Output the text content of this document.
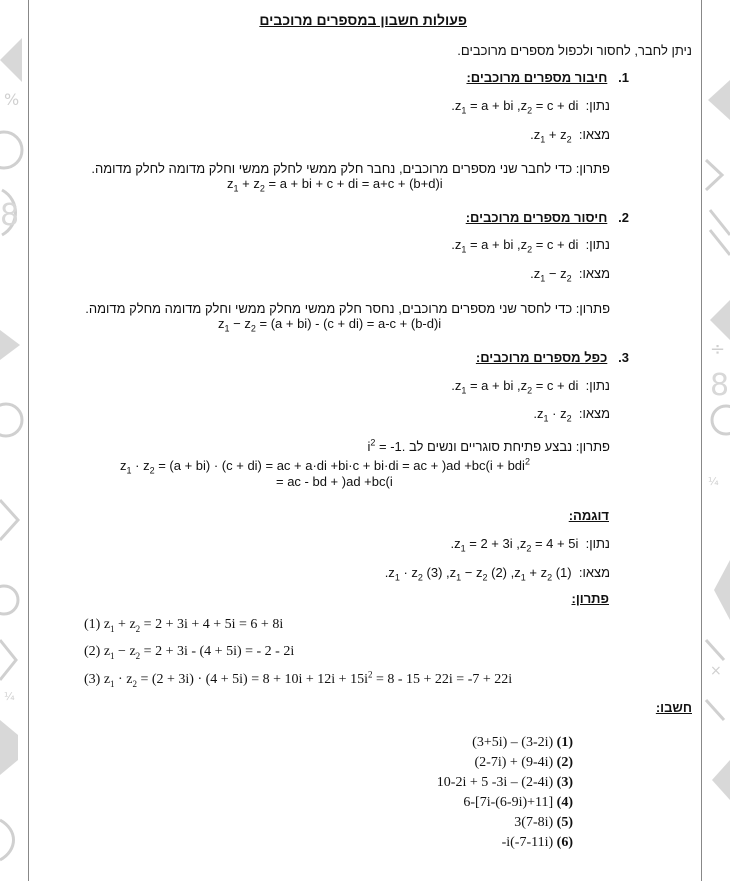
%
8
¼
÷
8
¼
×
פעולות חשבון במספרים מרוכבים
ניתן לחבר, לחסור ולכפול מספרים מרוכבים.
1.   חיבור מספרים מרוכבים:
נתון:  $.z_1 = a$ + bi $,z_2 = c$ + di
מצאו:  $.z_1 + z_2$
פתרון: כדי לחבר שני מספרים מרוכבים, נחבר חלק ממשי לחלק ממשי וחלק מדומה לחלק מדומה.
$z_1 + z_2 = a$ + bi + c + di = a+c + (b+d)i
2.   חיסור מספרים מרוכבים:
נתון:  $.z_1 = a$ + bi $,z_2 = c$ + di
מצאו:  $.z_1 - z_2$
פתרון: כדי לחסר שני מספרים מרוכבים, נחסר חלק ממשי מחלק ממשי וחלק מדומה מחלק מדומה.
$z_1 - z_2 = (a + bi) - (c + di) = a-c + (b-d)i$
3.   כפל מספרים מרוכבים:
נתון:  $.z_1 = a$ + bi $,z_2 = c$ + di
מצאו:  $.z_1 \cdot z_2$
פתרון: נבצע פתיחת סוגריים ונשים לב $i^2 = -1$.
$z_1 \cdot z_2 = (a + bi) \cdot (c + di)$ = ac + a·di +bi·c + bi·di = ac + )ad +bc(i + bdi$^2$
= ac - bd + )ad +bc(i
דוגמה:
נתון:  $.z_1 = 2 + 3i$ $,z_2 = 4 + 5i$
מצאו:  $.z_1 \cdot z_2$ (3) $,z_1 - z_2$ (2) $,z_1 + z_2$ (1)
פתרון:
(1) $z_1 + z_2 = 2 + 3i + 4 + 5i = 6 + 8i$
(2) $z_1 - z_2 = 2 + 3i - (4 + 5i)$ = - 2 - 2i
(3) $z_1 \cdot z_2 = (2 + 3i) \cdot (4 + 5i) = 8 + 10i + 12i + 15i^2 = 8 - 15 + 22i = -7 + 22i$
חשבו:
(3+5i) – (3-2i) (1)
(2-7i) + (9-4i) (2)
10-2i + 5 -3i – (2-4i) (3)
6-[7i-(6-9i)+11] (4)
3(7-8i) (5)
-i(-7-11i) (6)
